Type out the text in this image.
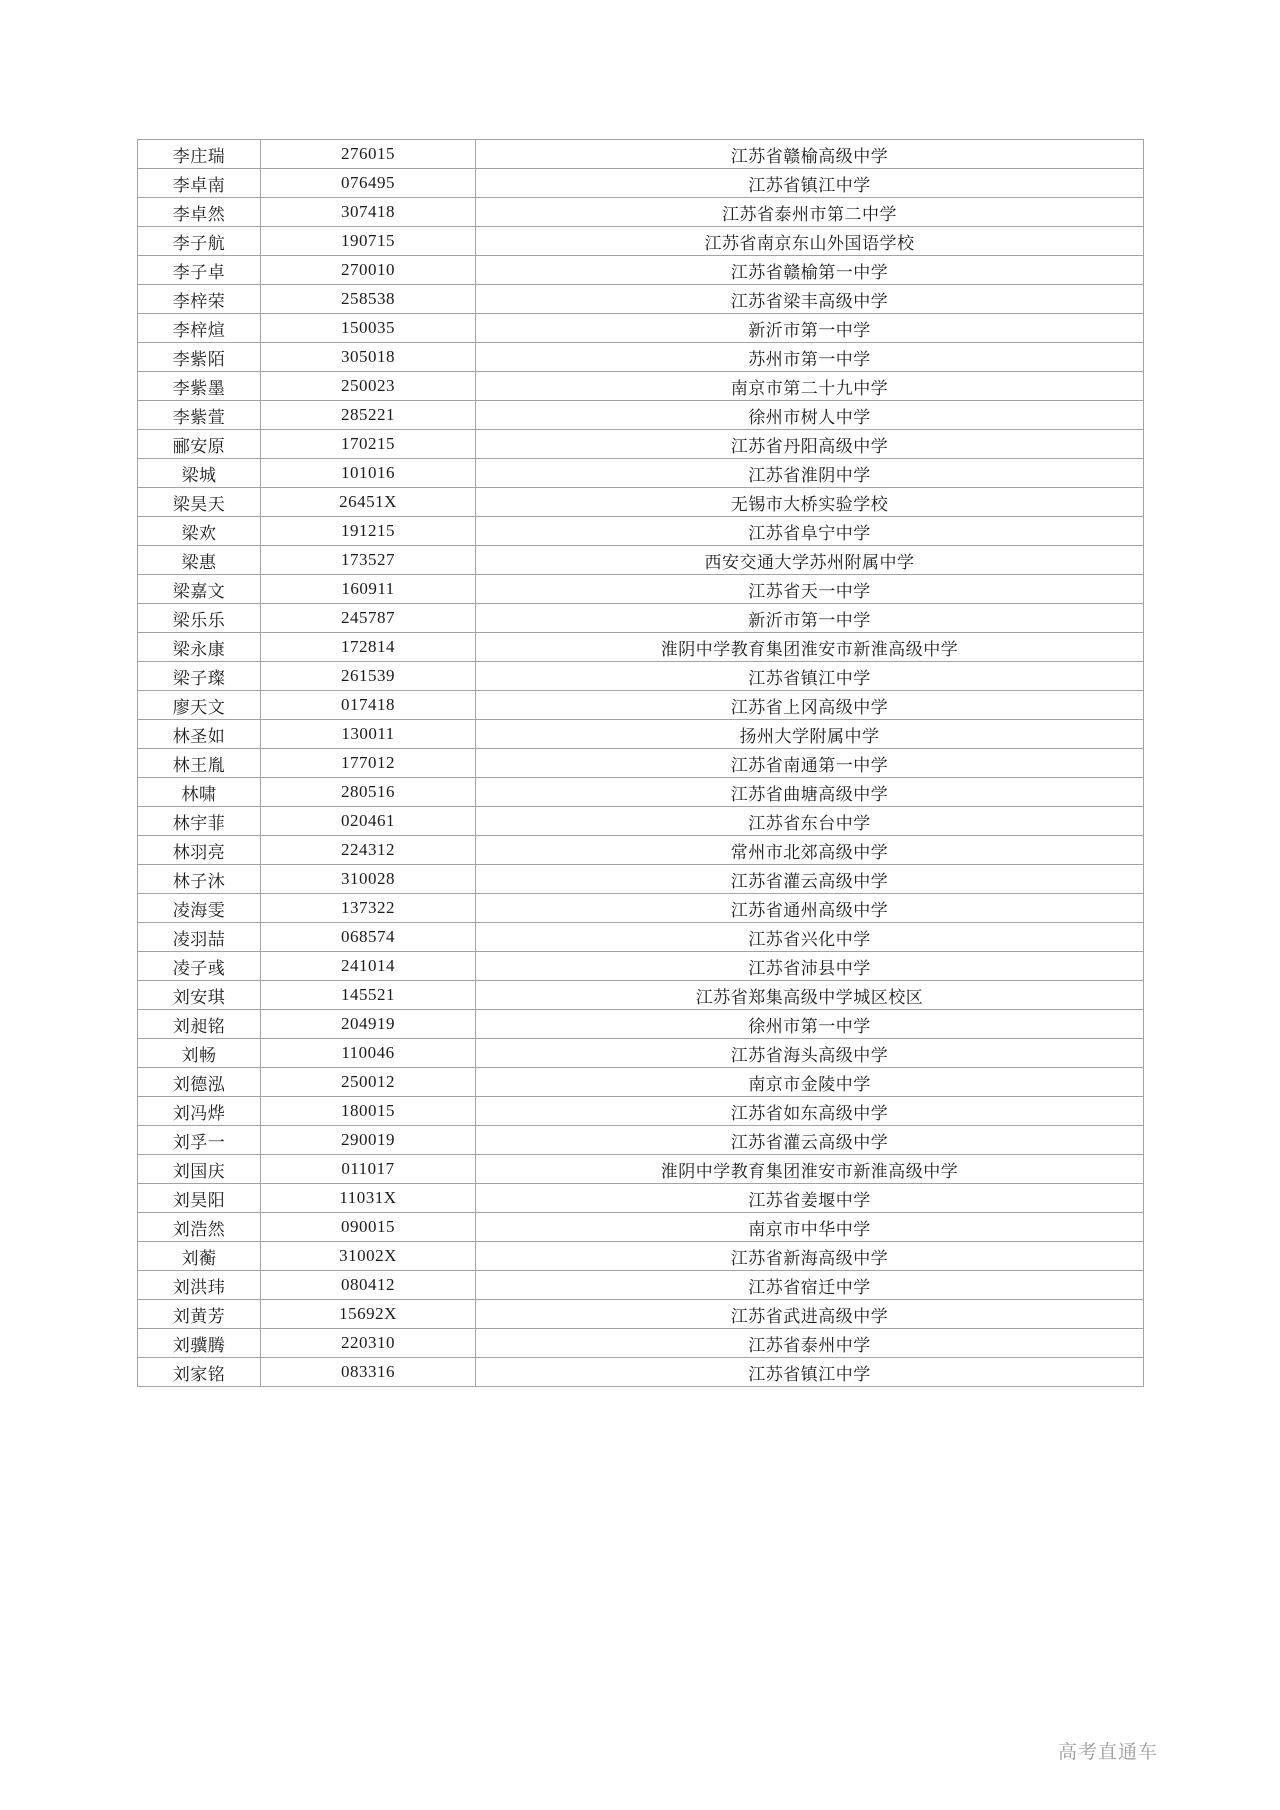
李庄瑞	276015	江苏省赣榆高级中学
李卓南	076495	江苏省镇江中学
李卓然	307418	江苏省泰州市第二中学
李子航	190715	江苏省南京东山外国语学校
李子卓	270010	江苏省赣榆第一中学
李梓荣	258538	江苏省梁丰高级中学
李梓煊	150035	新沂市第一中学
李紫陌	305018	苏州市第一中学
李紫墨	250023	南京市第二十九中学
李紫萱	285221	徐州市树人中学
郦安原	170215	江苏省丹阳高级中学
梁城	101016	江苏省淮阴中学
梁昊天	26451X	无锡市大桥实验学校
梁欢	191215	江苏省阜宁中学
梁惠	173527	西安交通大学苏州附属中学
梁嘉文	160911	江苏省天一中学
梁乐乐	245787	新沂市第一中学
梁永康	172814	淮阴中学教育集团淮安市新淮高级中学
梁子璨	261539	江苏省镇江中学
廖天文	017418	江苏省上冈高级中学
林圣如	130011	扬州大学附属中学
林王胤	177012	江苏省南通第一中学
林啸	280516	江苏省曲塘高级中学
林宇菲	020461	江苏省东台中学
林羽亮	224312	常州市北郊高级中学
林子沐	310028	江苏省灌云高级中学
凌海雯	137322	江苏省通州高级中学
凌羽喆	068574	江苏省兴化中学
凌子彧	241014	江苏省沛县中学
刘安琪	145521	江苏省郑集高级中学城区校区
刘昶铭	204919	徐州市第一中学
刘畅	110046	江苏省海头高级中学
刘德泓	250012	南京市金陵中学
刘冯烨	180015	江苏省如东高级中学
刘孚一	290019	江苏省灌云高级中学
刘国庆	011017	淮阴中学教育集团淮安市新淮高级中学
刘昊阳	11031X	江苏省姜堰中学
刘浩然	090015	南京市中华中学
刘蘅	31002X	江苏省新海高级中学
刘洪玮	080412	江苏省宿迁中学
刘黄芳	15692X	江苏省武进高级中学
刘骥腾	220310	江苏省泰州中学
刘家铭	083316	江苏省镇江中学
高考直通车
